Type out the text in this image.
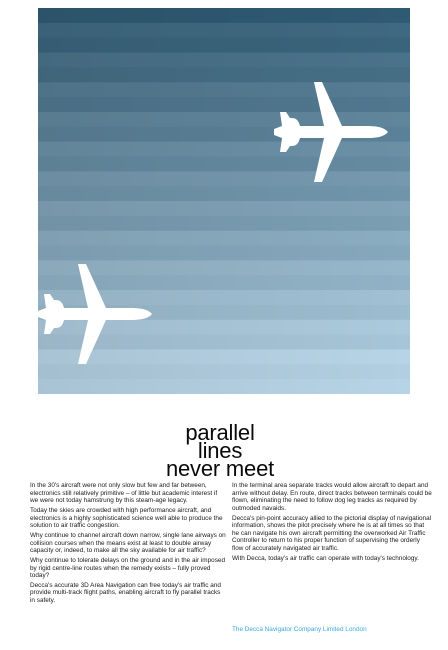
parallel
lines
never meet

In the 30's aircraft were not only slow but few and far between, electronics still relatively primitive – of little but academic interest if we were not today hamstrung by this steam-age legacy.

Today the skies are crowded with high performance aircraft, and electronics is a highly sophisticated science well able to produce the solution to air traffic congestion.

Why continue to channel aircraft down narrow, single lane airways on collision courses when the means exist at least to double airway capacity or, indeed, to make all the sky available for air traffic?

Why continue to tolerate delays on the ground and in the air imposed by rigid centre-line routes when the remedy exists – fully proved today?

Decca's accurate 3D Area Navigation can free today's air traffic and provide multi-track flight paths, enabling aircraft to fly parallel tracks in safety.

In the terminal area separate tracks would allow aircraft to depart and arrive without delay. En route, direct tracks between terminals could be flown, eliminating the need to follow dog leg tracks as required by outmoded navaids.

Decca's pin-point accuracy allied to the pictorial display of navigational information, shows the pilot precisely where he is at all times so that he can navigate his own aircraft permitting the overworked Air Traffic Controller to return to his proper function of supervising the orderly flow of accurately navigated air traffic.

With Decca, today's air traffic can operate with today's technology.

The Decca Navigator Company Limited London
